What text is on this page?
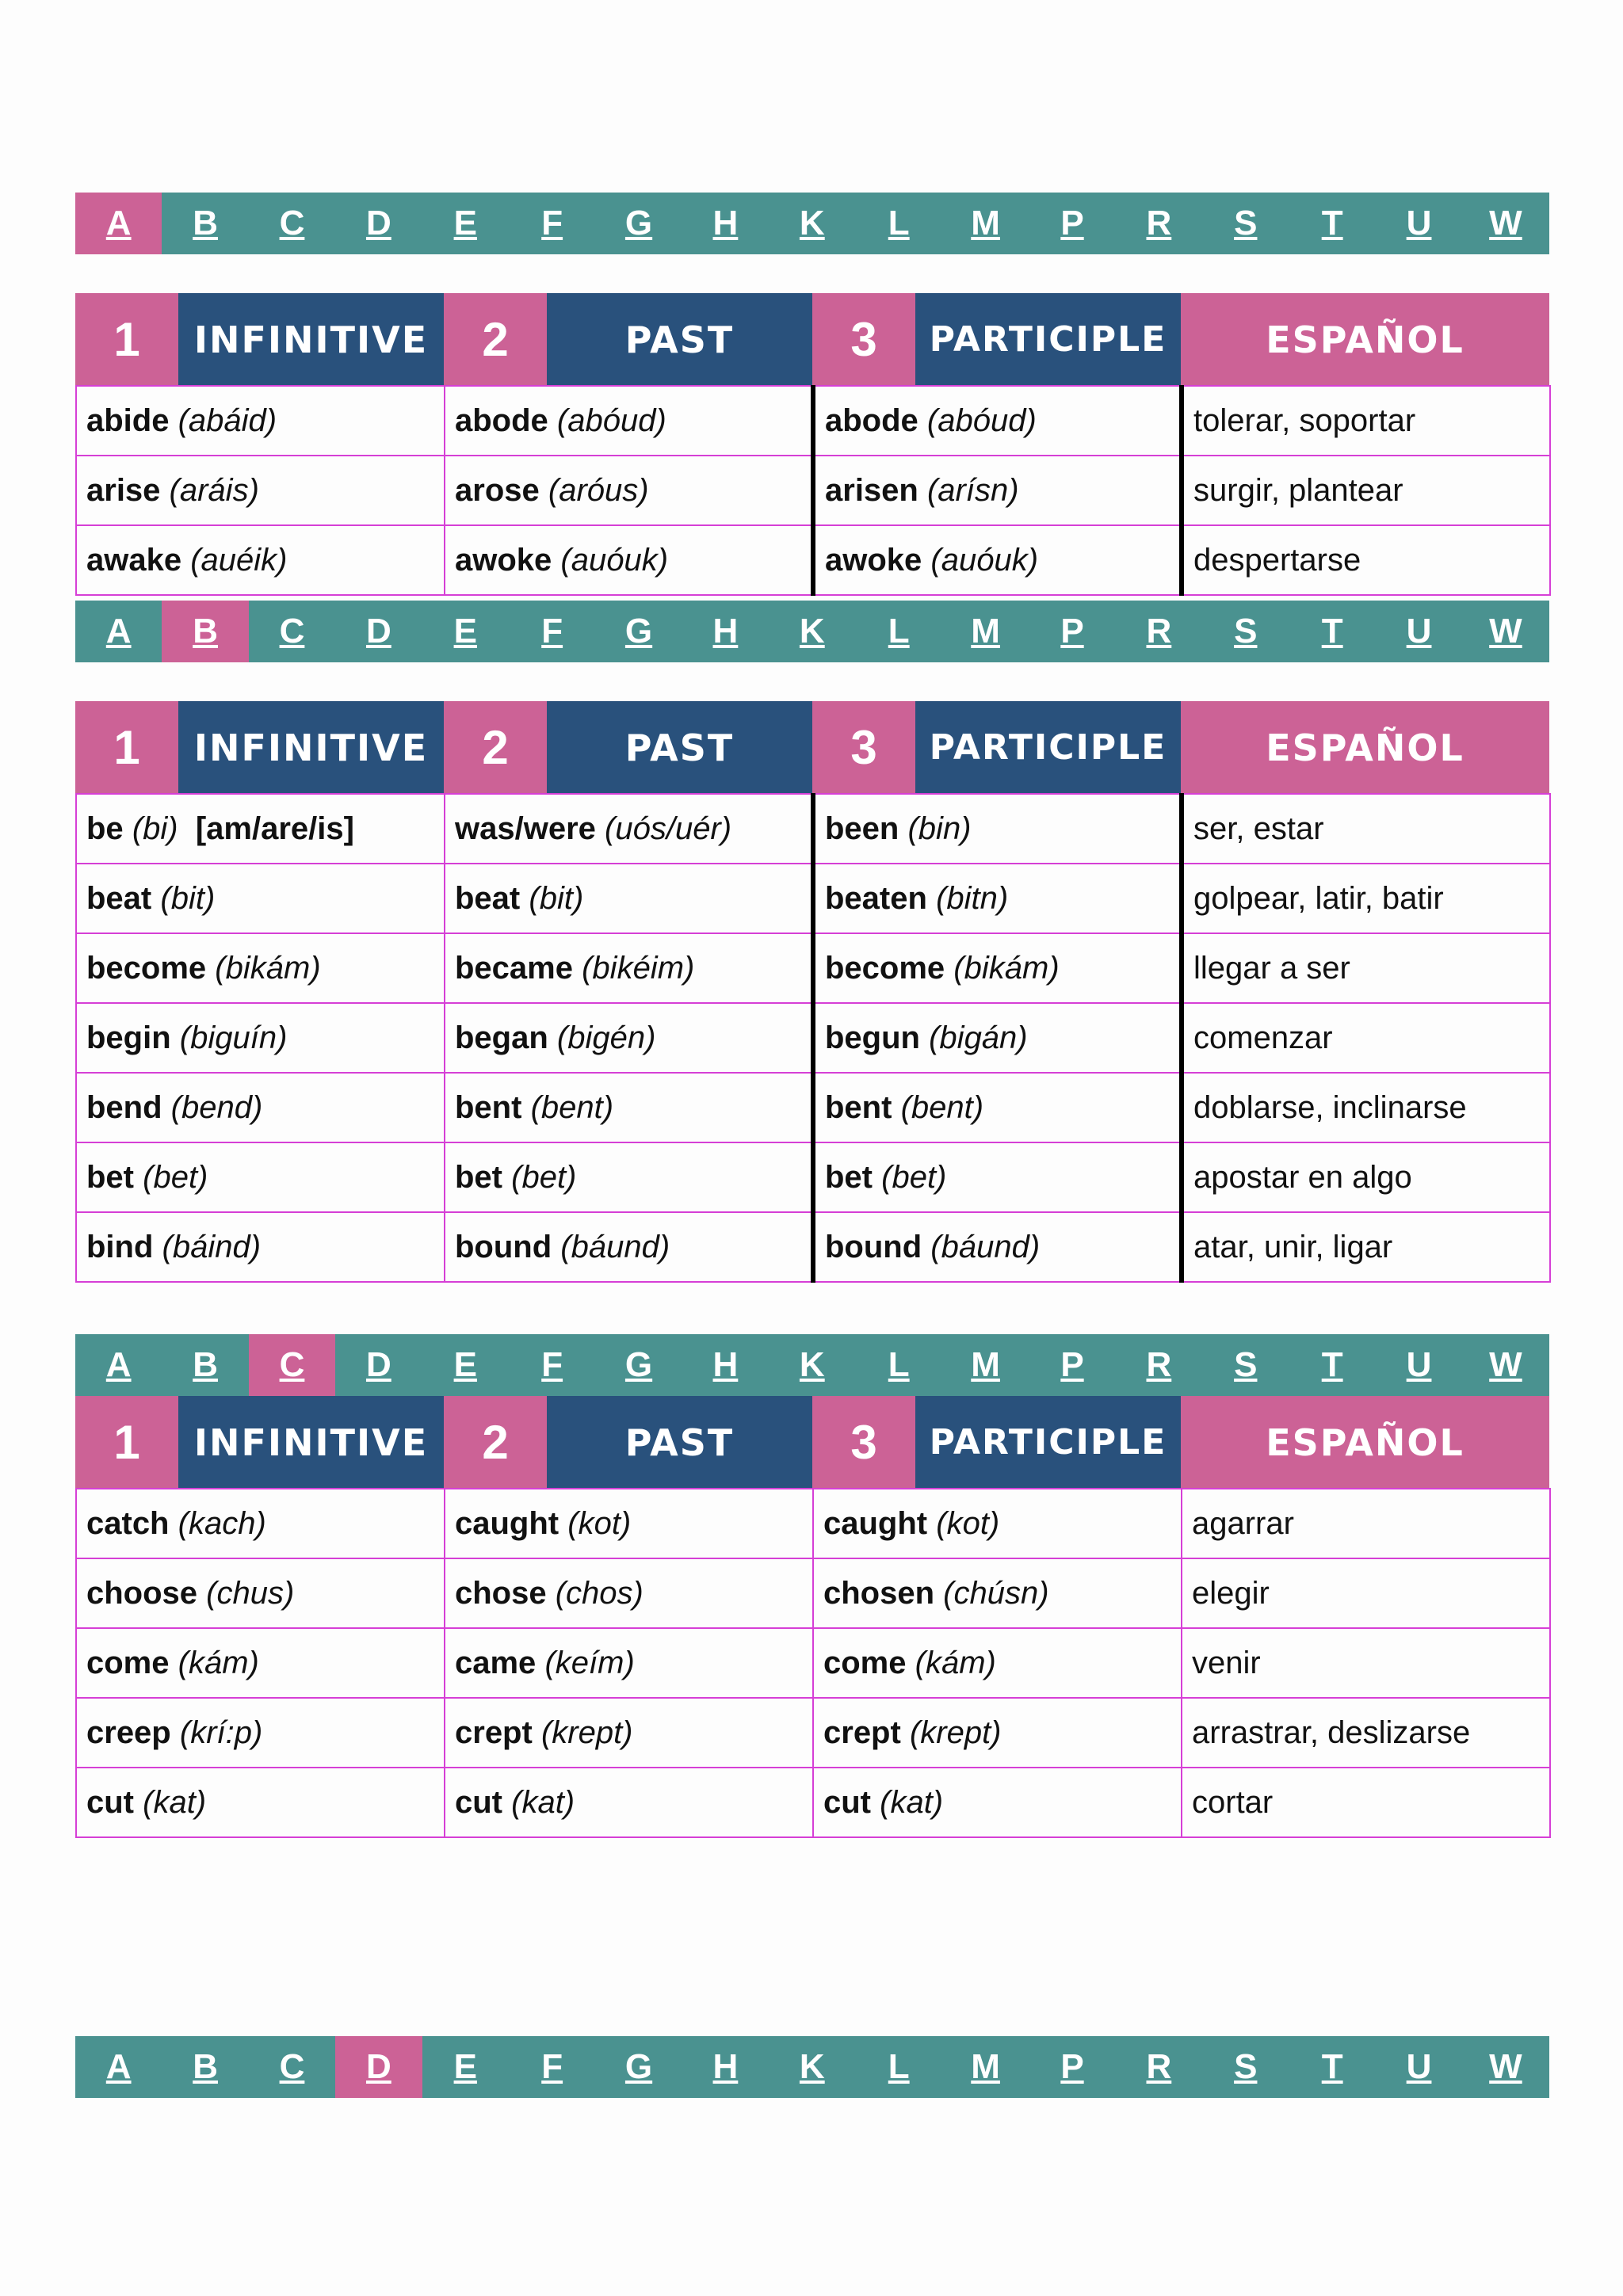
A	B	C	D	E	F	G	H	K	L	M	P	R	S	T	U	W
1	INFINITIVE	2	PAST	3	PARTICIPLE	ESPAÑOL
abide (abáid)	abode (abóud)	abode (abóud)	tolerar, soportar
arise (aráis)	arose (aróus)	arisen (arísn)	surgir, plantear
awake (auéik)	awoke (auóuk)	awoke (auóuk)	despertarse
A	B	C	D	E	F	G	H	K	L	M	P	R	S	T	U	W
1	INFINITIVE	2	PAST	3	PARTICIPLE	ESPAÑOL
be (bi) [am/are/is]	was/were (uós/uér)	been (bin)	ser, estar
beat (bit)	beat (bit)	beaten (bitn)	golpear, latir, batir
become (bikám)	became (bikéim)	become (bikám)	llegar a ser
begin (biguín)	began (bigén)	begun (bigán)	comenzar
bend (bend)	bent (bent)	bent (bent)	doblarse, inclinarse
bet (bet)	bet (bet)	bet (bet)	apostar en algo
bind (báind)	bound (báund)	bound (báund)	atar, unir, ligar
A	B	C	D	E	F	G	H	K	L	M	P	R	S	T	U	W
1	INFINITIVE	2	PAST	3	PARTICIPLE	ESPAÑOL
catch (kach)	caught (kot)	caught (kot)	agarrar
choose (chus)	chose (chos)	chosen (chúsn)	elegir
come (kám)	came (keím)	come (kám)	venir
creep (krí:p)	crept (krept)	crept (krept)	arrastrar, deslizarse
cut (kat)	cut (kat)	cut (kat)	cortar
A	B	C	D	E	F	G	H	K	L	M	P	R	S	T	U	W
